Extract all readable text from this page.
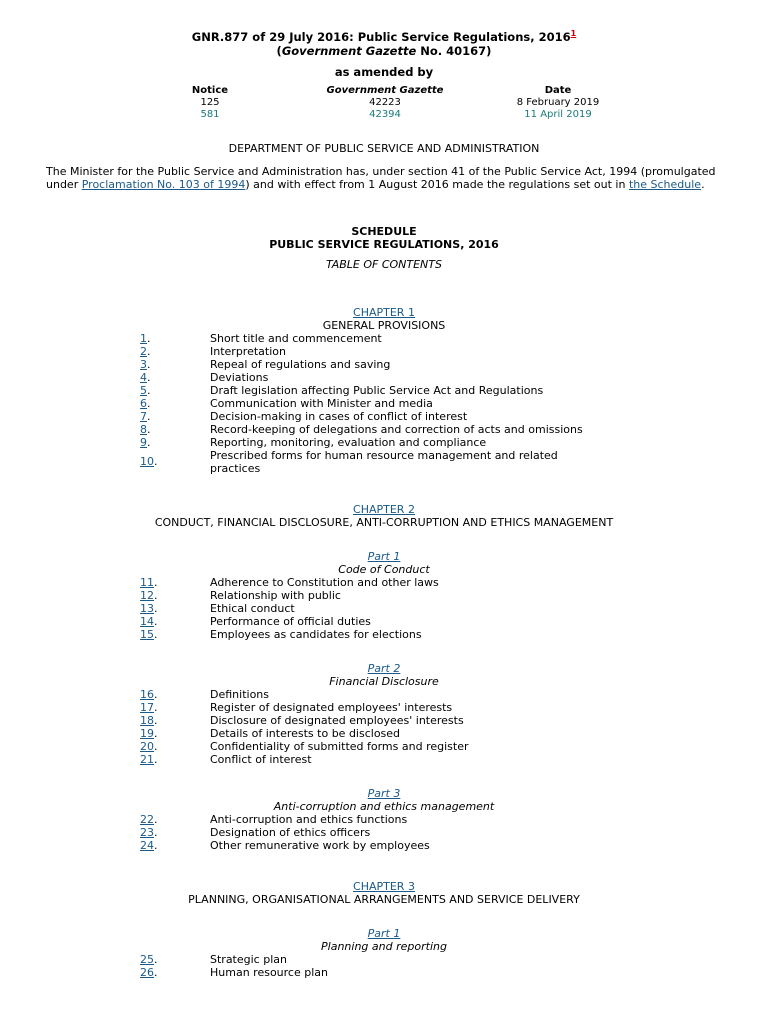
GNR.877 of 29 July 2016: Public Service Regulations, 2016$^1$
(Government Gazette No. 40167)
as amended by
Notice	Government Gazette	Date
125	42223	8 February 2019
581	42394	11 April 2019
DEPARTMENT OF PUBLIC SERVICE AND ADMINISTRATION
The Minister for the Public Service and Administration has, under section 41 of the Public Service Act, 1994 (promulgated under Proclamation No. 103 of 1994) and with effect from 1 August 2016 made the regulations set out in the Schedule.
SCHEDULE
PUBLIC SERVICE REGULATIONS, 2016
TABLE OF CONTENTS
CHAPTER 1
GENERAL PROVISIONS
1.	Short title and commencement
2.	Interpretation
3.	Repeal of regulations and saving
4.	Deviations
5.	Draft legislation affecting Public Service Act and Regulations
6.	Communication with Minister and media
7.	Decision-making in cases of conflict of interest
8.	Record-keeping of delegations and correction of acts and omissions
9.	Reporting, monitoring, evaluation and compliance
10.	Prescribed forms for human resource management and related practices
CHAPTER 2
CONDUCT, FINANCIAL DISCLOSURE, ANTI-CORRUPTION AND ETHICS MANAGEMENT
Part 1
Code of Conduct
11.	Adherence to Constitution and other laws
12.	Relationship with public
13.	Ethical conduct
14.	Performance of official duties
15.	Employees as candidates for elections
Part 2
Financial Disclosure
16.	Definitions
17.	Register of designated employees' interests
18.	Disclosure of designated employees' interests
19.	Details of interests to be disclosed
20.	Confidentiality of submitted forms and register
21.	Conflict of interest
Part 3
Anti-corruption and ethics management
22.	Anti-corruption and ethics functions
23.	Designation of ethics officers
24.	Other remunerative work by employees
CHAPTER 3
PLANNING, ORGANISATIONAL ARRANGEMENTS AND SERVICE DELIVERY
Part 1
Planning and reporting
25.	Strategic plan
26.	Human resource plan
